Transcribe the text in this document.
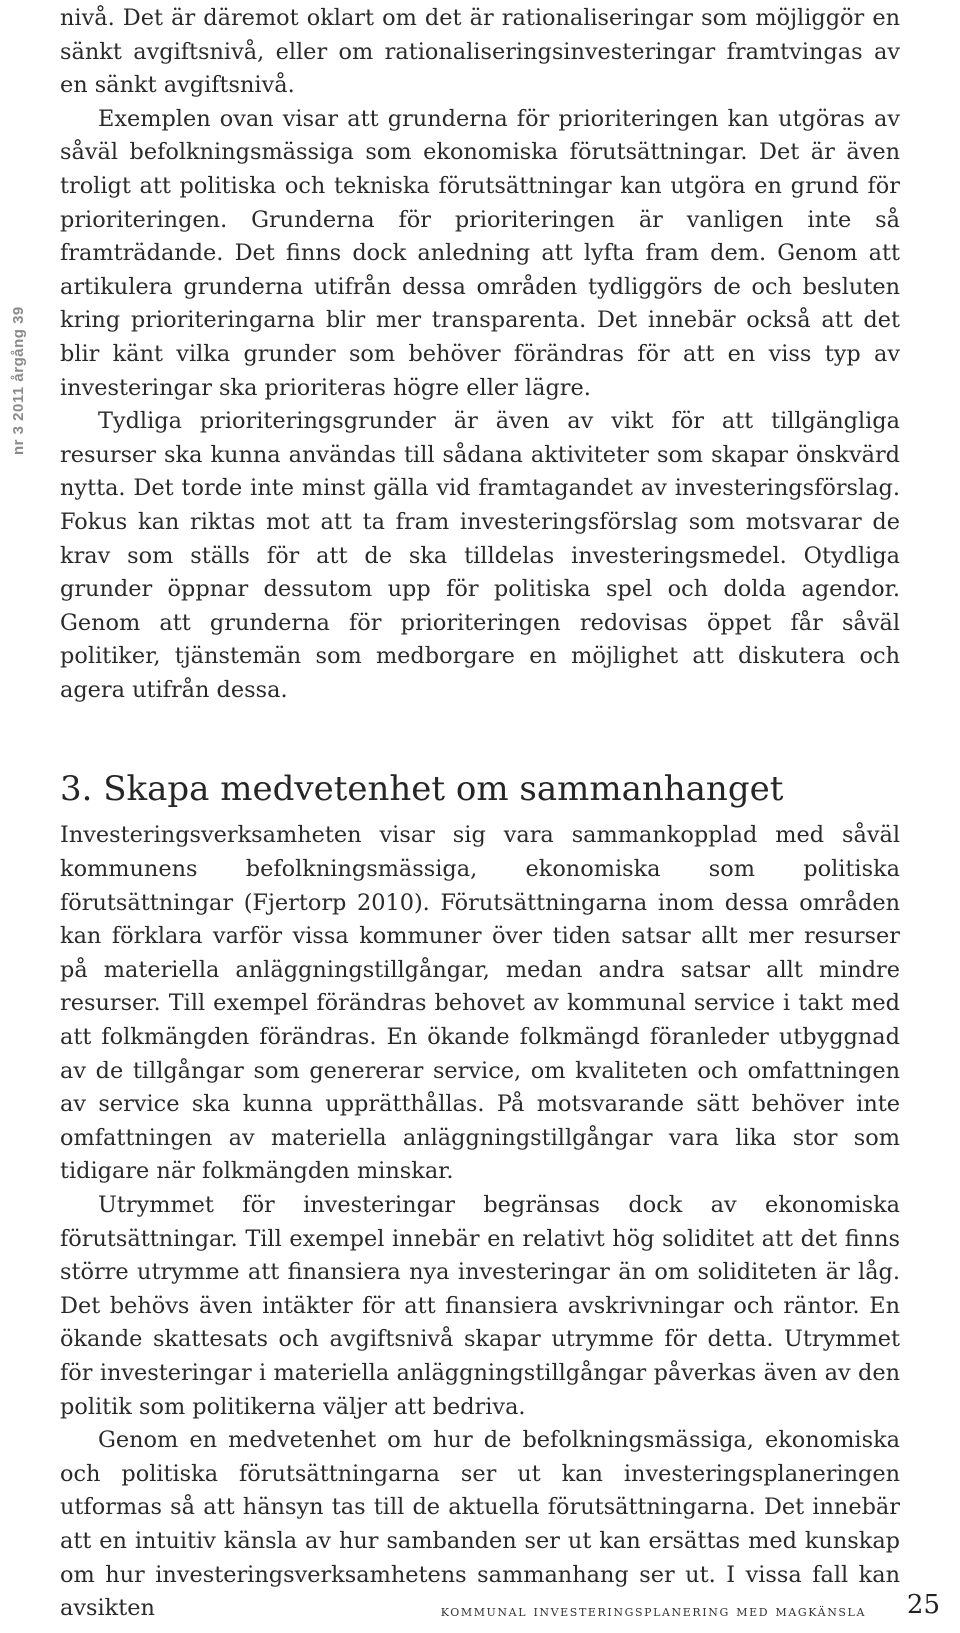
nr 3 2011 årgång 39

nivå. Det är däremot oklart om det är rationaliseringar som möjliggör en sänkt avgiftsnivå, eller om rationaliseringsinvesteringar framtvingas av en sänkt avgiftsnivå.

Exemplen ovan visar att grunderna för prioriteringen kan utgöras av såväl befolkningsmässiga som ekonomiska förutsättningar. Det är även troligt att politiska och tekniska förutsättningar kan utgöra en grund för prioriteringen. Grunderna för prioriteringen är vanligen inte så framträdande. Det finns dock anledning att lyfta fram dem. Genom att artikulera grunderna utifrån dessa områden tydliggörs de och besluten kring prioriteringarna blir mer transparenta. Det innebär också att det blir känt vilka grunder som behöver förändras för att en viss typ av investeringar ska prioriteras högre eller lägre.

Tydliga prioriteringsgrunder är även av vikt för att tillgängliga resurser ska kunna användas till sådana aktiviteter som skapar önskvärd nytta. Det torde inte minst gälla vid framtagandet av investeringsförslag. Fokus kan riktas mot att ta fram investeringsförslag som motsvarar de krav som ställs för att de ska tilldelas investeringsmedel. Otydliga grunder öppnar dessutom upp för politiska spel och dolda agendor. Genom att grunderna för prioriteringen redovisas öppet får såväl politiker, tjänstemän som medborgare en möjlighet att diskutera och agera utifrån dessa.

3. Skapa medvetenhet om sammanhanget

Investeringsverksamheten visar sig vara sammankopplad med såväl kommunens befolkningsmässiga, ekonomiska som politiska förutsättningar (Fjertorp 2010). Förutsättningarna inom dessa områden kan förklara varför vissa kommuner över tiden satsar allt mer resurser på materiella anläggningstillgångar, medan andra satsar allt mindre resurser. Till exempel förändras behovet av kommunal service i takt med att folkmängden förändras. En ökande folkmängd föranleder utbyggnad av de tillgångar som genererar service, om kvaliteten och omfattningen av service ska kunna upprätthållas. På motsvarande sätt behöver inte omfattningen av materiella anläggningstillgångar vara lika stor som tidigare när folkmängden minskar.

Utrymmet för investeringar begränsas dock av ekonomiska förutsättningar. Till exempel innebär en relativt hög soliditet att det finns större utrymme att finansiera nya investeringar än om soliditeten är låg. Det behövs även intäkter för att finansiera avskrivningar och räntor. En ökande skattesats och avgiftsnivå skapar utrymme för detta. Utrymmet för investeringar i materiella anläggningstillgångar påverkas även av den politik som politikerna väljer att bedriva.

Genom en medvetenhet om hur de befolkningsmässiga, ekonomiska och politiska förutsättningarna ser ut kan investeringsplaneringen utformas så att hänsyn tas till de aktuella förutsättningarna. Det innebär att en intuitiv känsla av hur sambanden ser ut kan ersättas med kunskap om hur investeringsverksamhetens sammanhang ser ut. I vissa fall kan avsikten	kommunal investeringsplanering med magkänsla 25
